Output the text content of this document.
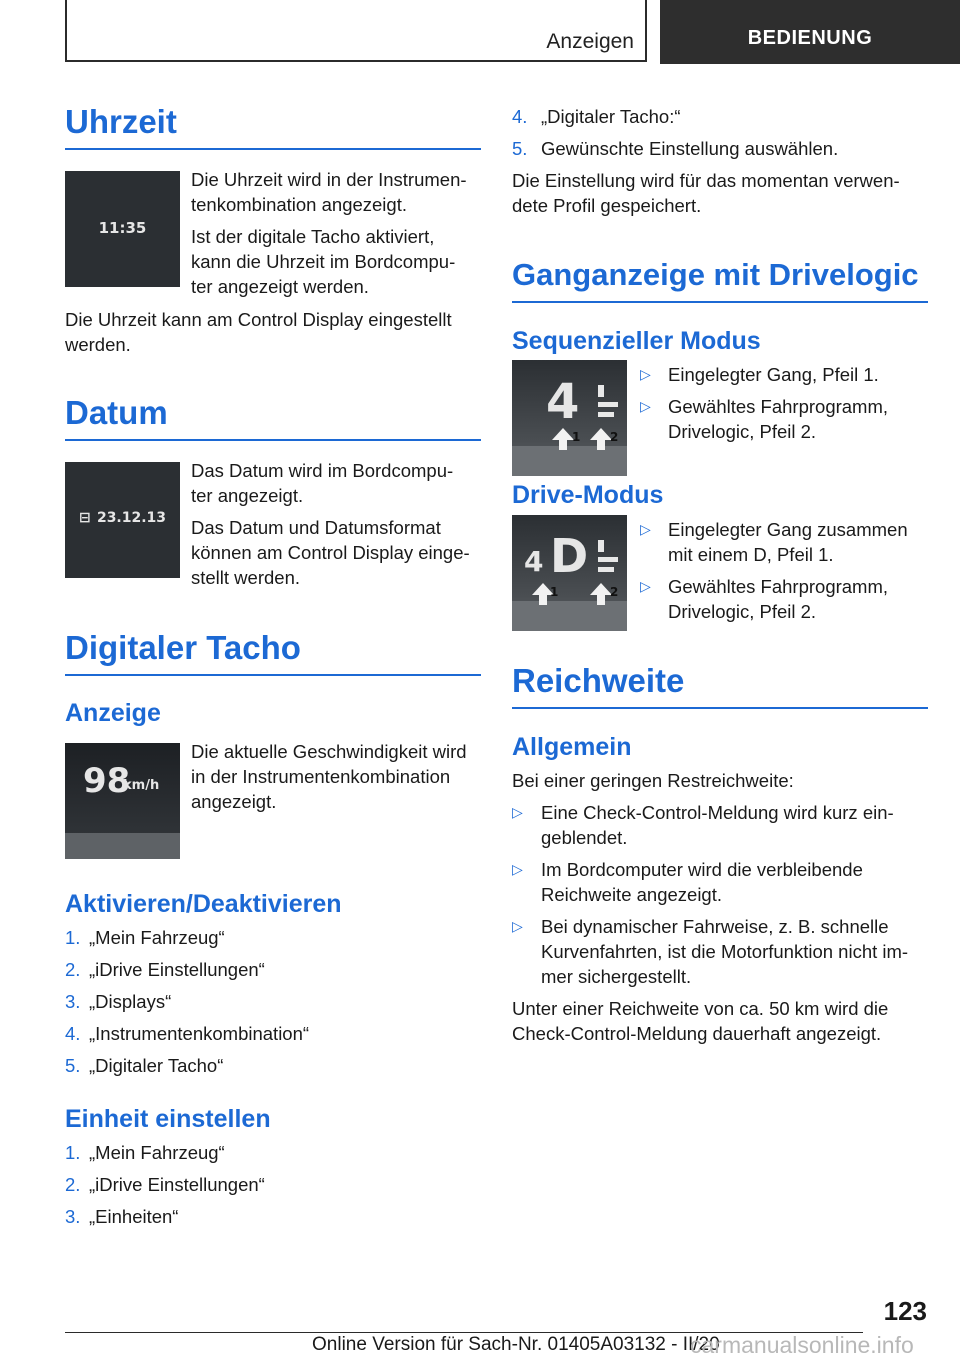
Anzeigen	BEDIENUNG
Uhrzeit
11:35
Die Uhrzeit wird in der Instrumen-
tenkombination angezeigt.
Ist der digitale Tacho aktiviert,
kann die Uhrzeit im Bordcompu-
ter angezeigt werden.
Die Uhrzeit kann am Control Display eingestellt
werden.
Datum
⊟ 23.12.13
Das Datum wird im Bordcompu-
ter angezeigt.
Das Datum und Datumsformat
können am Control Display einge-
stellt werden.
Digitaler Tacho
Anzeige
98
km/h
Die aktuelle Geschwindigkeit wird
in der Instrumentenkombination
angezeigt.
Aktivieren/Deaktivieren
1. „Mein Fahrzeug“
2. „iDrive Einstellungen“
3. „Displays“
4. „Instrumentenkombination“
5. „Digitaler Tacho“
Einheit einstellen
1. „Mein Fahrzeug“
2. „iDrive Einstellungen“
3. „Einheiten“
4. „Digitaler Tacho:“
5. Gewünschte Einstellung auswählen.
Die Einstellung wird für das momentan verwen-
dete Profil gespeichert.
Ganganzeige mit Drivelogic
Sequenzieller Modus
4
1 2
▷ Eingelegter Gang, Pfeil 1.
▷ Gewähltes Fahrprogramm,
Drivelogic, Pfeil 2.
Drive-Modus
4 D
1	2
▷ Eingelegter Gang zusammen
mit einem D, Pfeil 1.
▷ Gewähltes Fahrprogramm,
Drivelogic, Pfeil 2.
Reichweite
Allgemein
Bei einer geringen Restreichweite:
▷ Eine Check-Control-Meldung wird kurz ein-
geblendet.
▷ Im Bordcomputer wird die verbleibende
Reichweite angezeigt.
▷ Bei dynamischer Fahrweise, z. B. schnelle
Kurvenfahrten, ist die Motorfunktion nicht im-
mer sichergestellt.
Unter einer Reichweite von ca. 50 km wird die
Check-Control-Meldung dauerhaft angezeigt.
123
Online Version für Sach-Nr. 01405A03132 - II/20
carmanualsonline.info
